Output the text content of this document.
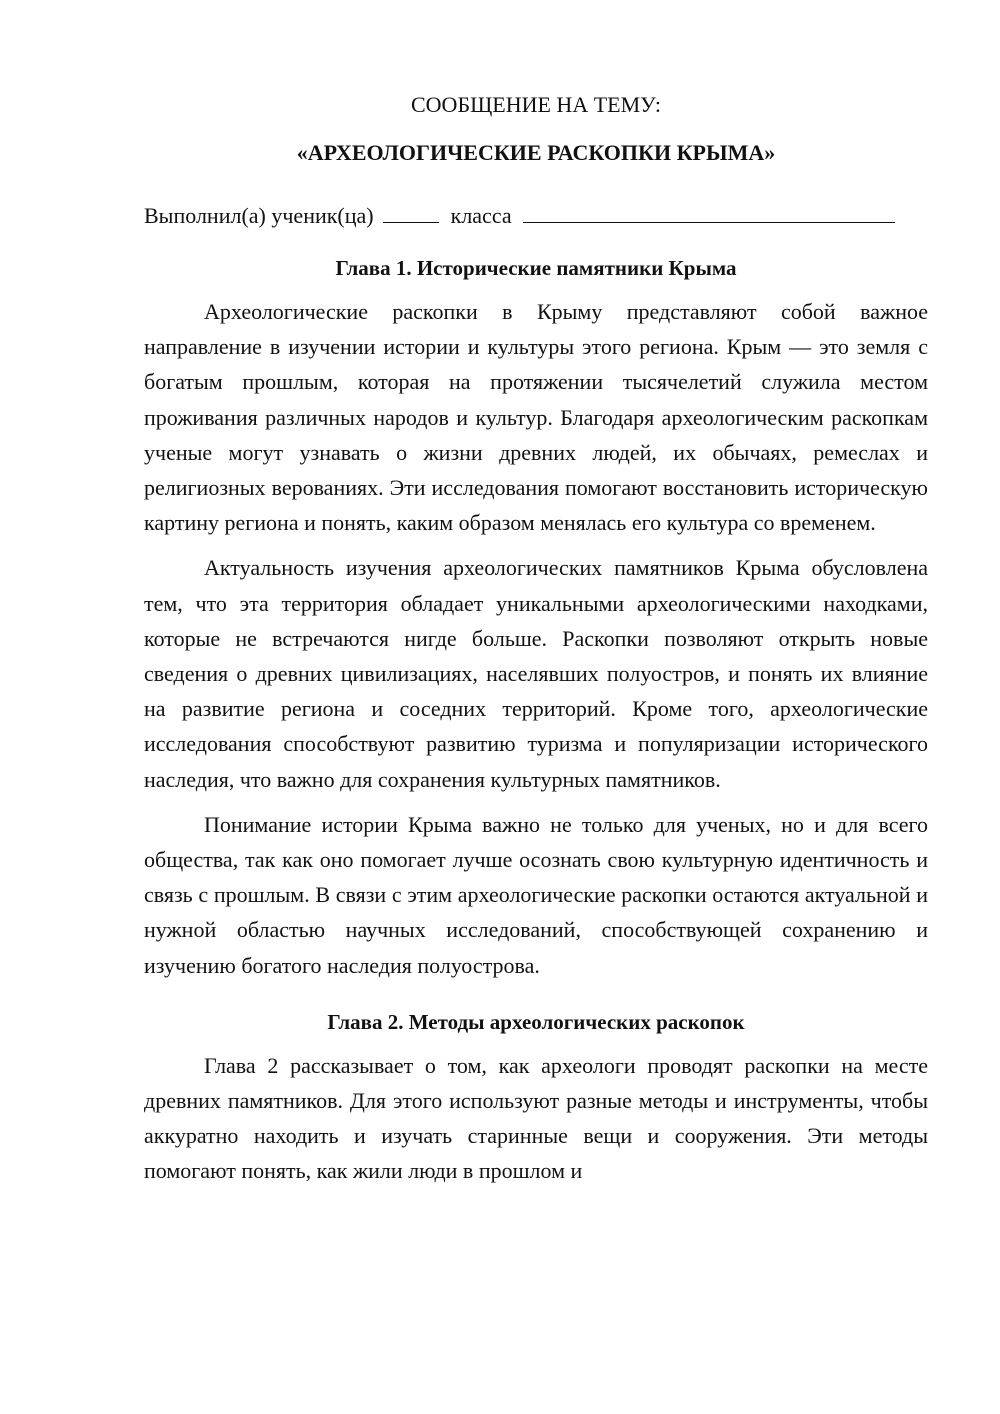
СООБЩЕНИЕ НА ТЕМУ:
«АРХЕОЛОГИЧЕСКИЕ РАСКОПКИ КРЫМА»
Выполнил(а) ученик(ца)	класса
Глава 1. Исторические памятники Крыма

Археологические раскопки в Крыму представляют собой важное направление в изучении истории и культуры этого региона. Крым — это земля с богатым прошлым, которая на протяжении тысячелетий служила местом проживания различных народов и культур. Благодаря археологическим раскопкам ученые могут узнавать о жизни древних людей, их обычаях, ремеслах и религиозных верованиях. Эти исследования помогают восстановить историческую картину региона и понять, каким образом менялась его культура со временем.

Актуальность изучения археологических памятников Крыма обусловлена тем, что эта территория обладает уникальными археологическими находками, которые не встречаются нигде больше. Раскопки позволяют открыть новые сведения о древних цивилизациях, населявших полуостров, и понять их влияние на развитие региона и соседних территорий. Кроме того, археологические исследования способствуют развитию туризма и популяризации исторического наследия, что важно для сохранения культурных памятников.

Понимание истории Крыма важно не только для ученых, но и для всего общества, так как оно помогает лучше осознать свою культурную идентичность и связь с прошлым. В связи с этим археологические раскопки остаются актуальной и нужной областью научных исследований, способствующей сохранению и изучению богатого наследия полуострова.

Глава 2. Методы археологических раскопок

Глава 2 рассказывает о том, как археологи проводят раскопки на месте древних памятников. Для этого используют разные методы и инструменты, чтобы аккуратно находить и изучать старинные вещи и сооружения. Эти методы помогают понять, как жили люди в прошлом и
